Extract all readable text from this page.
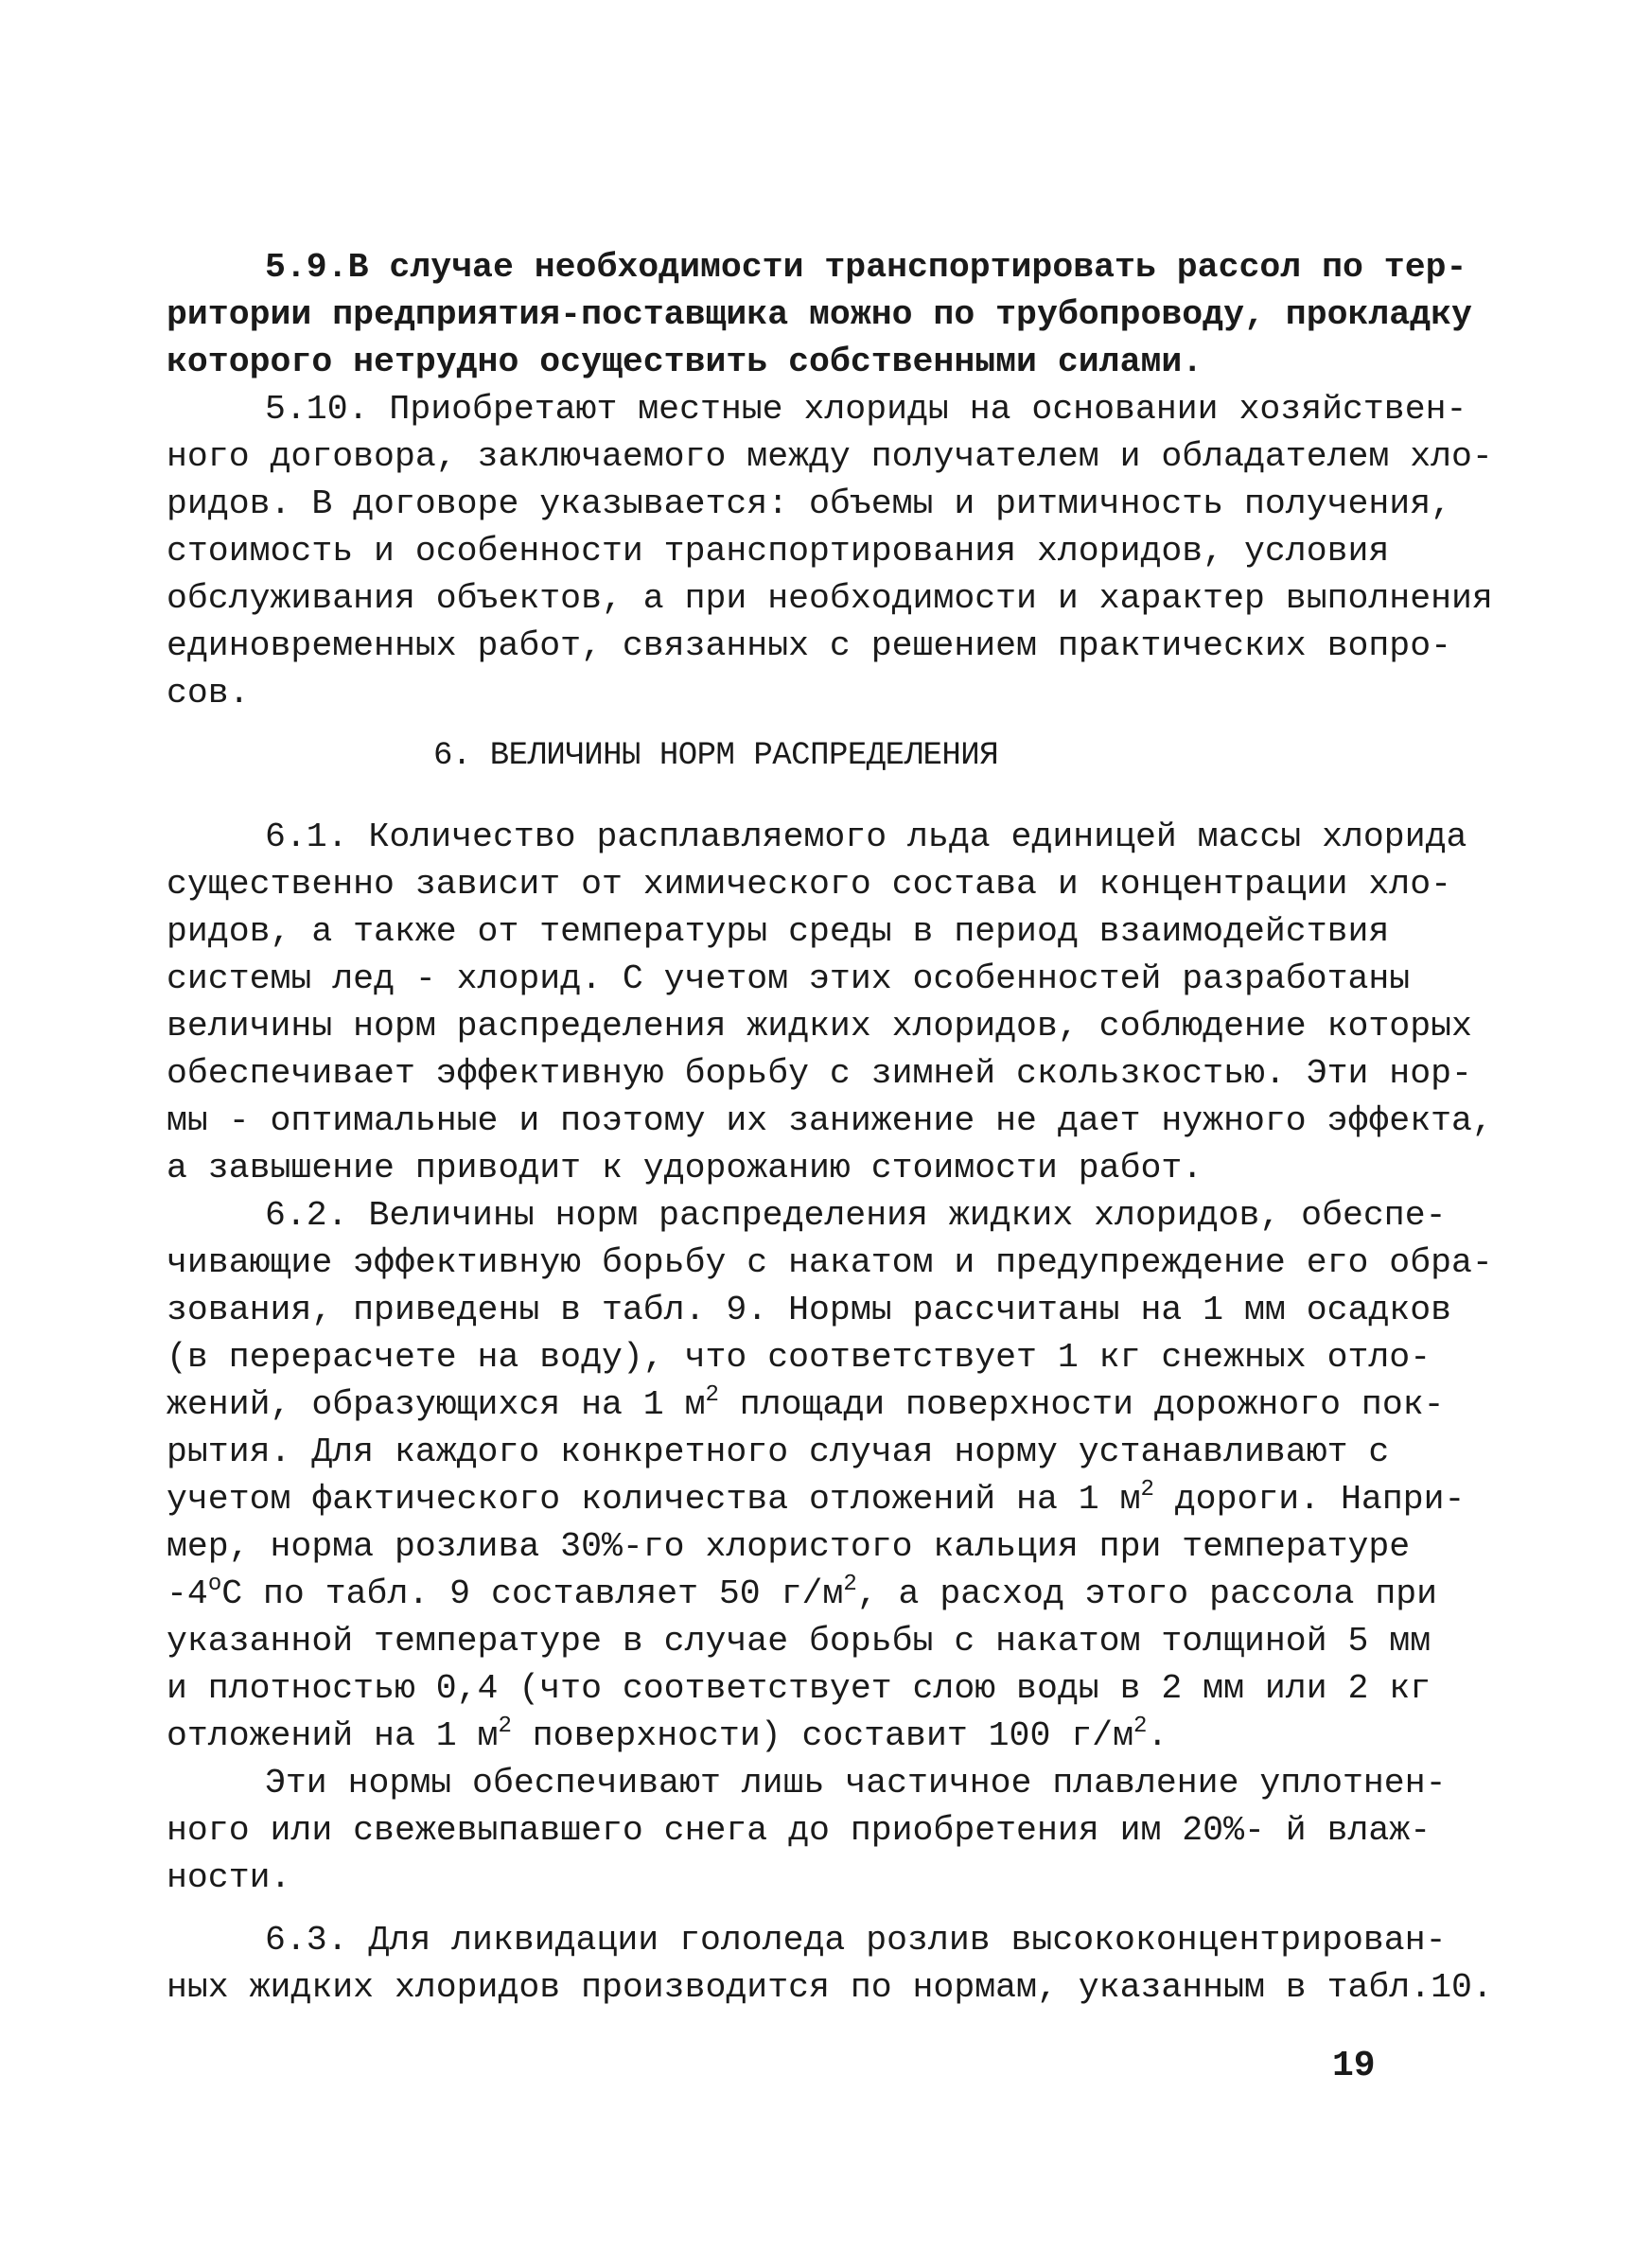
5.9.В случае необходимости транспортировать рассол по тер-
ритории предприятия-поставщика можно по трубопроводу, прокладку
которого нетрудно осуществить собственными силами.
5.10. Приобретают местные хлориды на основании хозяйствен-
ного договора, заключаемого между получателем и обладателем хло-
ридов. В договоре указывается: объемы и ритмичность получения,
стоимость и особенности транспортирования хлоридов, условия
обслуживания объектов, а при необходимости и характер выполнения
единовременных работ, связанных с решением практических вопро-
сов.
6. ВЕЛИЧИНЫ НОРМ РАСПРЕДЕЛЕНИЯ
6.1. Количество расплавляемого льда единицей массы хлорида
существенно зависит от химического состава и концентрации хло-
ридов, а также от температуры среды в период взаимодействия
системы лед - хлорид. С учетом этих особенностей разработаны
величины норм распределения жидких хлоридов, соблюдение которых
обеспечивает эффективную борьбу с зимней скользкостью. Эти нор-
мы - оптимальные и поэтому их занижение не дает нужного эффекта,
а завышение приводит к удорожанию стоимости работ.
6.2. Величины норм распределения жидких хлоридов, обеспе-
чивающие эффективную борьбу с накатом и предупреждение его обра-
зования, приведены в табл. 9. Нормы рассчитаны на 1 мм осадков
(в перерасчете на воду), что соответствует 1 кг снежных отло-
жений, образующихся на 1 $м^2$ площади поверхности дорожного пок-
рытия. Для каждого конкретного случая норму устанавливают с
учетом фактического количества отложений на 1 $м^2$ дороги. Напри-
мер, норма розлива 30%-го хлористого кальция при температуре
$-4^оС$ по табл. 9 составляет 50 $г/м^2$, а расход этого рассола при
указанной температуре в случае борьбы с накатом толщиной 5 мм
и плотностью 0,4 (что соответствует слою воды в 2 мм или 2 кг
отложений на 1 $м^2$ поверхности) составит 100 $г/м^2$.
Эти нормы обеспечивают лишь частичное плавление уплотнен-
ного или свежевыпавшего снега до приобретения им 20%- й влаж-
ности.
6.3. Для ликвидации гололеда розлив высококонцентрирован-
ных жидких хлоридов производится по нормам, указанным в табл.10.
19
